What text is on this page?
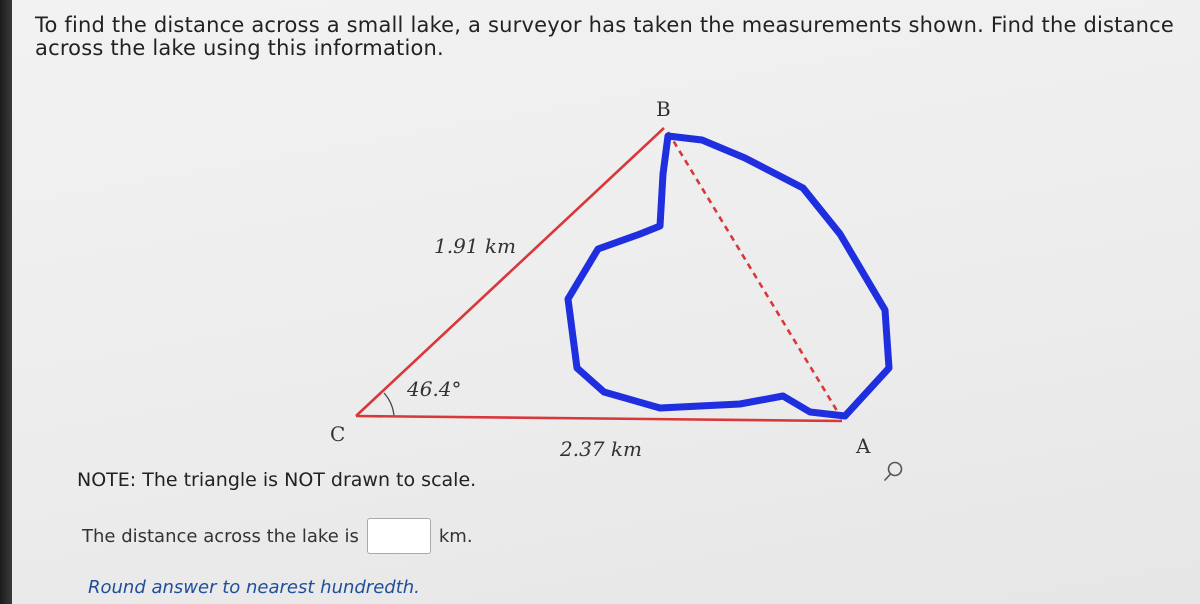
To find the distance across a small lake, a surveyor has taken the measurements shown. Find the distance across the lake using this information.

1.91 km
46.4°
2.37 km
B
C	A
NOTE: The triangle is NOT drawn to scale.
The distance across the lake is	km.
Round answer to nearest hundredth.
